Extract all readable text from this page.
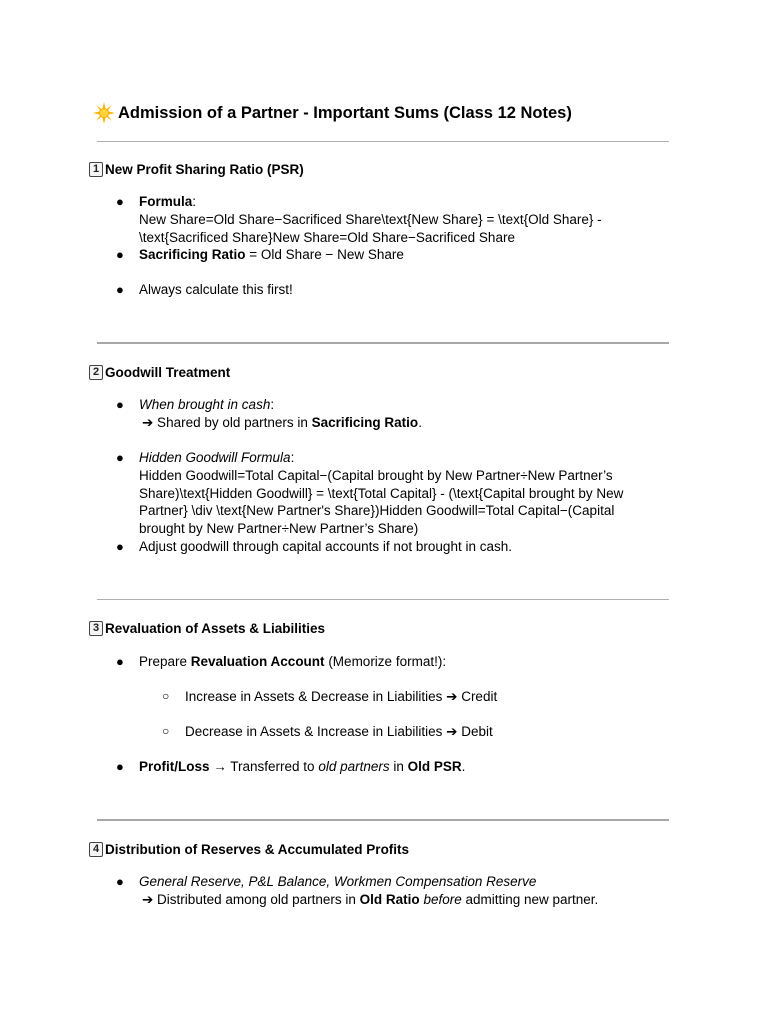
Admission of a Partner - Important Sums (Class 12 Notes)
1 New Profit Sharing Ratio (PSR)
● Formula:
New Share=Old Share−Sacrificed Share\text{New Share} = \text{Old Share} -
\text{Sacrificed Share}New Share=Old Share−Sacrificed Share
● Sacrificing Ratio = Old Share − New Share
● Always calculate this first!
2 Goodwill Treatment
● When brought in cash:
➔ Shared by old partners in Sacrificing Ratio.
● Hidden Goodwill Formula:
Hidden Goodwill=Total Capital−(Capital brought by New Partner÷New Partner’s
Share)\text{Hidden Goodwill} = \text{Total Capital} - (\text{Capital brought by New
Partner} \div \text{New Partner's Share})Hidden Goodwill=Total Capital−(Capital
brought by New Partner÷New Partner’s Share)
● Adjust goodwill through capital accounts if not brought in cash.
3 Revaluation of Assets & Liabilities
● Prepare Revaluation Account (Memorize format!):
○ Increase in Assets & Decrease in Liabilities ➔ Credit
○ Decrease in Assets & Increase in Liabilities ➔ Debit
● Profit/Loss → Transferred to old partners in Old PSR.
4 Distribution of Reserves & Accumulated Profits
● General Reserve, P&L Balance, Workmen Compensation Reserve
➔ Distributed among old partners in Old Ratio before admitting new partner.
